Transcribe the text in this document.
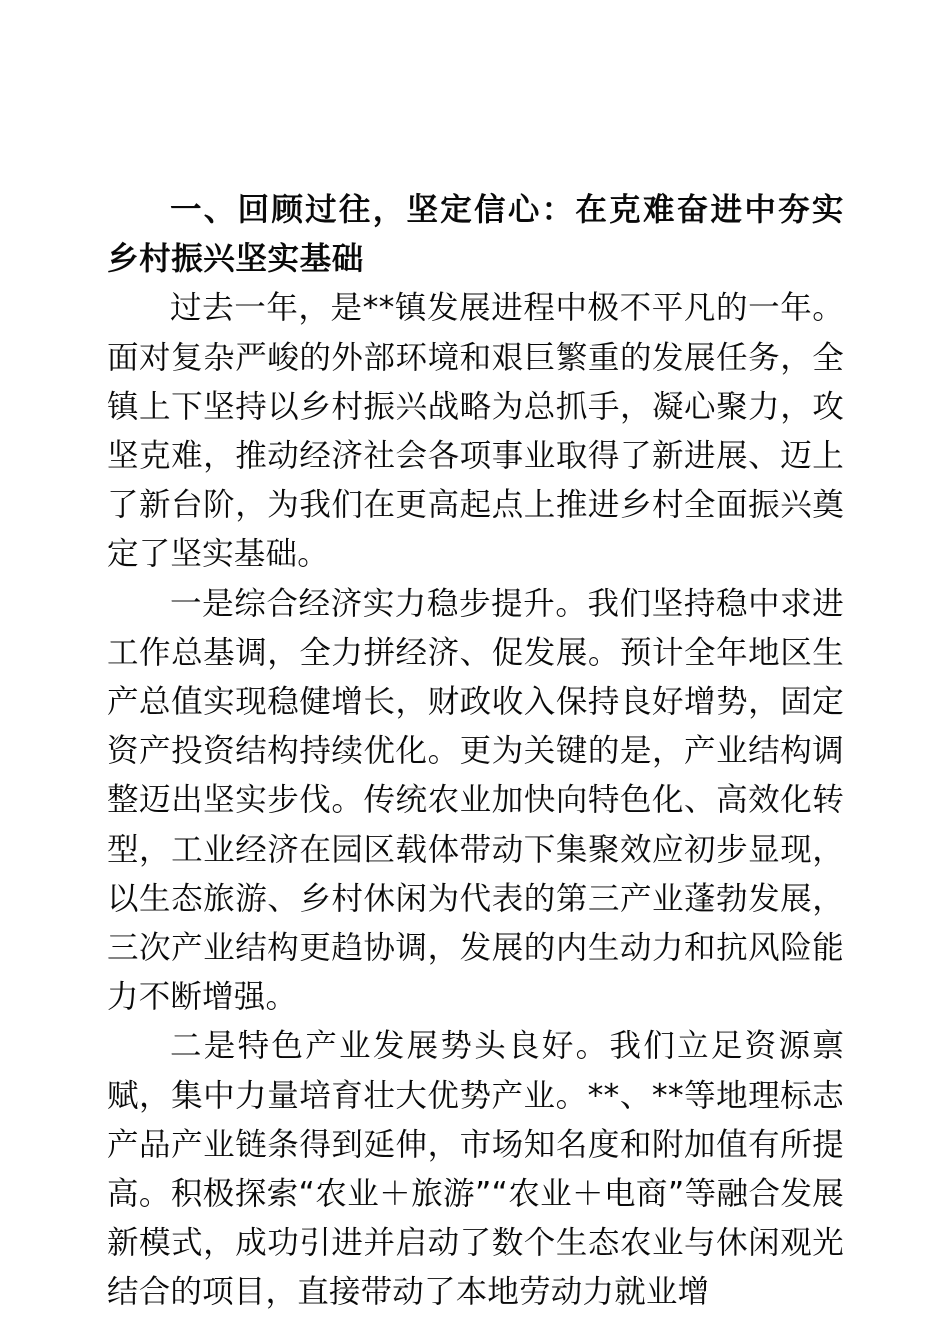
一、回顾过往，坚定信心：在克难奋进中夯实乡村振兴坚实基础

过去一年，是**镇发展进程中极不平凡的一年。面对复杂严峻的外部环境和艰巨繁重的发展任务，全镇上下坚持以乡村振兴战略为总抓手，凝心聚力，攻坚克难，推动经济社会各项事业取得了新进展、迈上了新台阶，为我们在更高起点上推进乡村全面振兴奠定了坚实基础。

一是综合经济实力稳步提升。我们坚持稳中求进工作总基调，全力拼经济、促发展。预计全年地区生产总值实现稳健增长，财政收入保持良好增势，固定资产投资结构持续优化。更为关键的是，产业结构调整迈出坚实步伐。传统农业加快向特色化、高效化转型，工业经济在园区载体带动下集聚效应初步显现，以生态旅游、乡村休闲为代表的第三产业蓬勃发展，三次产业结构更趋协调，发展的内生动力和抗风险能力不断增强。

二是特色产业发展势头良好。我们立足资源禀赋，集中力量培育壮大优势产业。**、**等地理标志产品产业链条得到延伸，市场知名度和附加值有所提高。积极探索“农业＋旅游”“农业＋电商”等融合发展新模式，成功引进并启动了数个生态农业与休闲观光结合的项目，直接带动了本地劳动力就业增
